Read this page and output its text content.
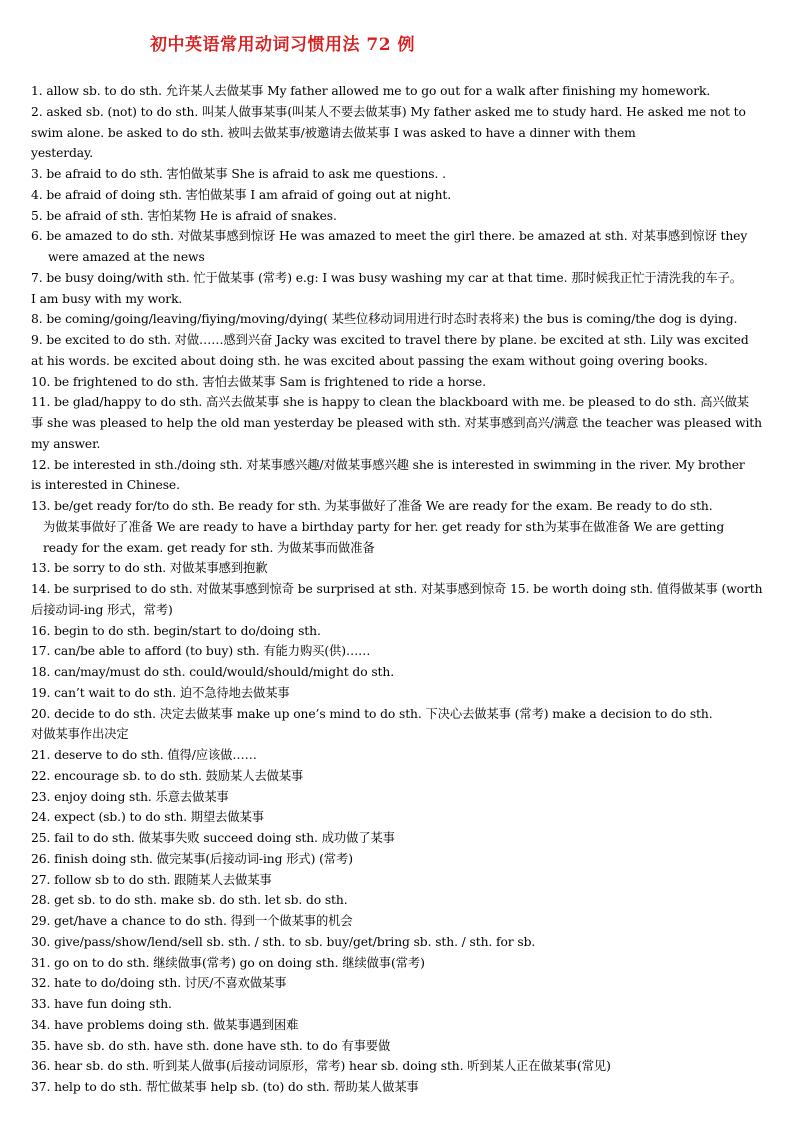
初中英语常用动词习惯用法 72 例
1. allow sb. to do sth. 允许某人去做某事 My father allowed me to go out for a walk after finishing my homework.
2. asked sb. (not) to do sth. 叫某人做事某事(叫某人不要去做某事) My father asked me to study hard. He asked me not to
swim alone. be asked to do sth. 被叫去做某事/被邀请去做某事 I was asked to have a dinner with them
yesterday.
3. be afraid to do sth. 害怕做某事 She is afraid to ask me questions. .
4. be afraid of doing sth. 害怕做某事 I am afraid of going out at night.
5. be afraid of sth. 害怕某物 He is afraid of snakes.
6. be amazed to do sth. 对做某事感到惊讶 He was amazed to meet the girl there. be amazed at sth. 对某事感到惊讶 they
were amazed at the news
7. be busy doing/with sth. 忙于做某事 (常考) e.g: I was busy washing my car at that time. 那时候我正忙于清洗我的车子。
I am busy with my work.
8. be coming/going/leaving/fiying/moving/dying( 某些位移动词用进行时态时表将来) the bus is coming/the dog is dying.
9. be excited to do sth. 对做……感到兴奋 Jacky was excited to travel there by plane. be excited at sth. Lily was excited
at his words. be excited about doing sth. he was excited about passing the exam without going overing books.
10. be frightened to do sth. 害怕去做某事 Sam is frightened to ride a horse.
11. be glad/happy to do sth. 高兴去做某事 she is happy to clean the blackboard with me. be pleased to do sth. 高兴做某
事 she was pleased to help the old man yesterday be pleased with sth. 对某事感到高兴/满意 the teacher was pleased with
my answer.
12. be interested in sth./doing sth. 对某事感兴趣/对做某事感兴趣 she is interested in swimming in the river. My brother
is interested in Chinese.
13. be/get ready for/to do sth. Be ready for sth. 为某事做好了准备 We are ready for the exam. Be ready to do sth.
为做某事做好了准备 We are ready to have a birthday party for her. get ready for sth为某事在做准备 We are getting
ready for the exam. get ready for sth. 为做某事而做准备
13. be sorry to do sth. 对做某事感到抱歉
14. be surprised to do sth. 对做某事感到惊奇 be surprised at sth. 对某事感到惊奇 15. be worth doing sth. 值得做某事 (worth
后接动词-ing 形式，常考)
16. begin to do sth. begin/start to do/doing sth.
17. can/be able to afford (to buy) sth. 有能力购买(供)……
18. can/may/must do sth. could/would/should/might do sth.
19. can’t wait to do sth. 迫不急待地去做某事
20. decide to do sth. 决定去做某事 make up one’s mind to do sth. 下决心去做某事 (常考) make a decision to do sth.
对做某事作出决定
21. deserve to do sth. 值得/应该做……
22. encourage sb. to do sth. 鼓励某人去做某事
23. enjoy doing sth. 乐意去做某事
24. expect (sb.) to do sth. 期望去做某事
25. fail to do sth. 做某事失败 succeed doing sth. 成功做了某事
26. finish doing sth. 做完某事(后接动词-ing 形式) (常考)
27. follow sb to do sth. 跟随某人去做某事
28. get sb. to do sth. make sb. do sth. let sb. do sth.
29. get/have a chance to do sth. 得到一个做某事的机会
30. give/pass/show/lend/sell sb. sth. / sth. to sb. buy/get/bring sb. sth. / sth. for sb.
31. go on to do sth. 继续做事(常考) go on doing sth. 继续做事(常考)
32. hate to do/doing sth. 讨厌/不喜欢做某事
33. have fun doing sth.
34. have problems doing sth. 做某事遇到困难
35. have sb. do sth. have sth. done have sth. to do 有事要做
36. hear sb. do sth. 听到某人做事(后接动词原形，常考) hear sb. doing sth. 听到某人正在做某事(常见)
37. help to do sth. 帮忙做某事 help sb. (to) do sth. 帮助某人做某事
